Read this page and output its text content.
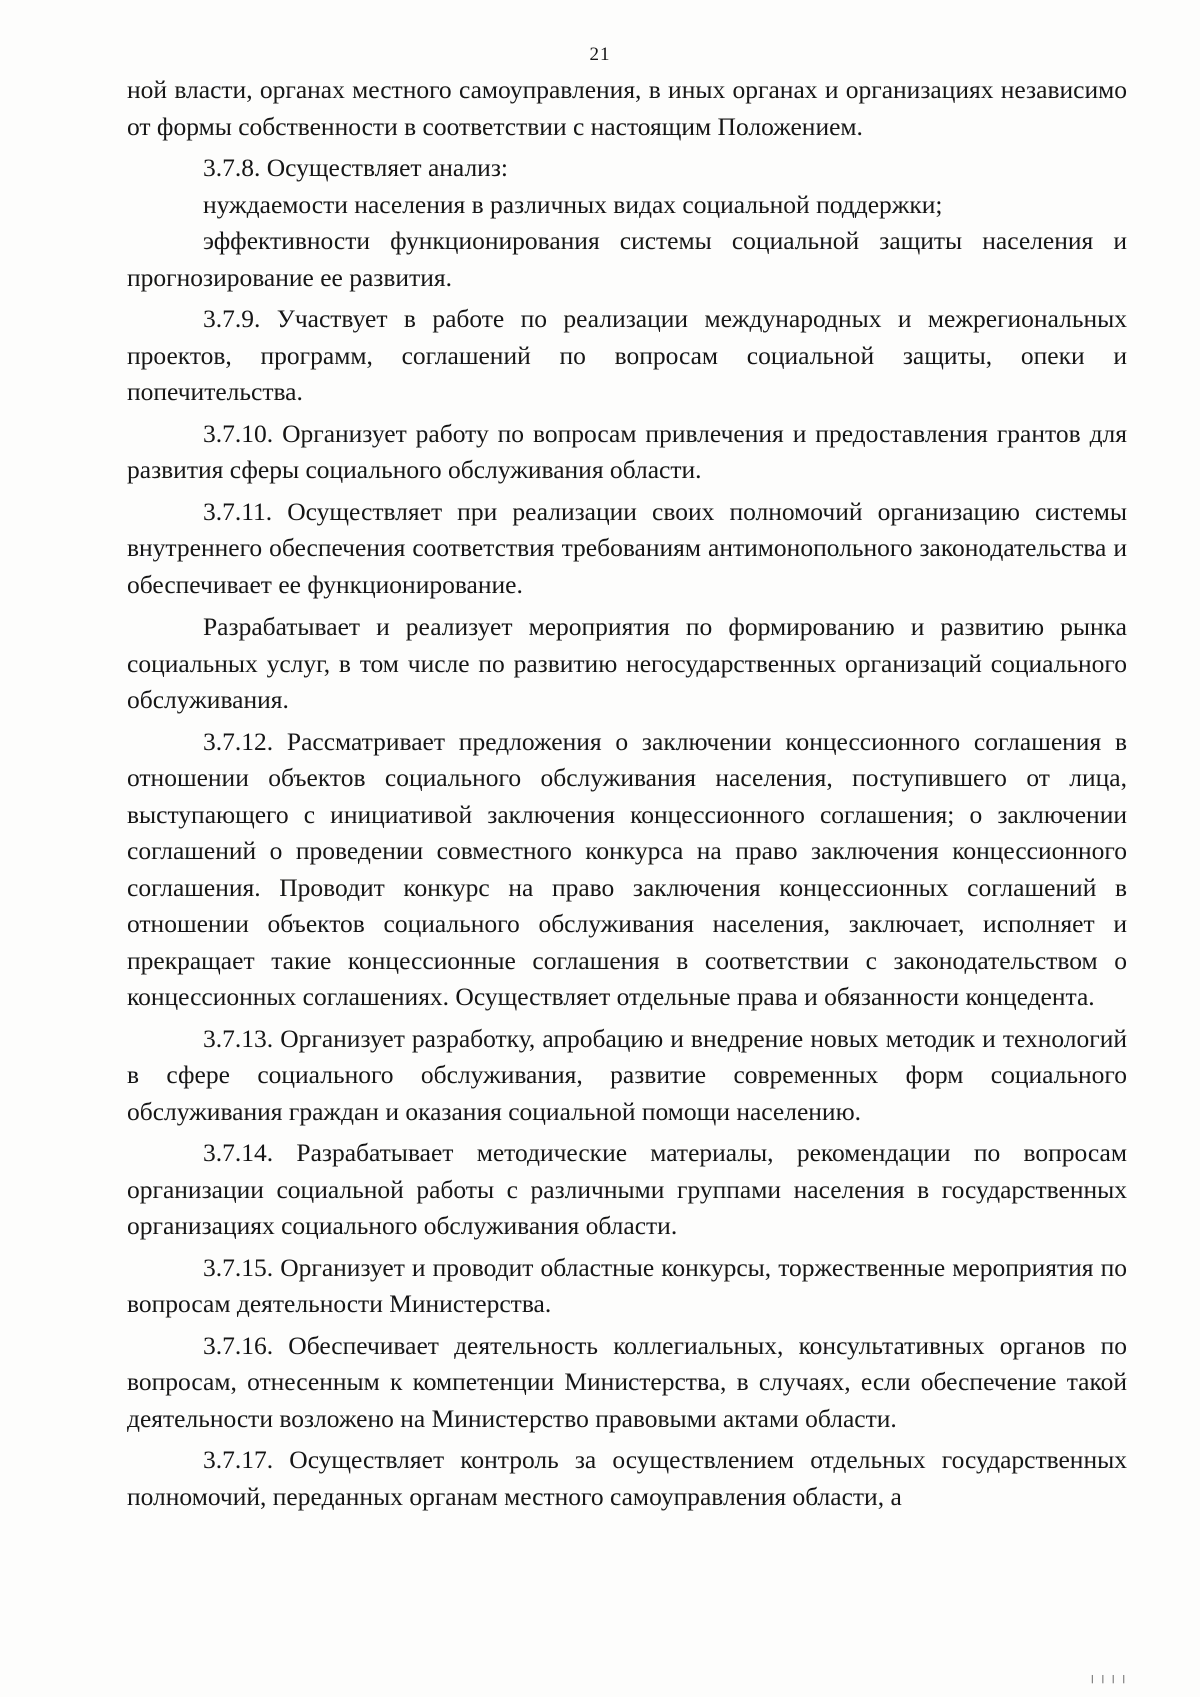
21

ной власти, органах местного самоуправления, в иных органах и организациях независимо от формы собственности в соответствии с настоящим Положением.

3.7.8. Осуществляет анализ:

нуждаемости населения в различных видах социальной поддержки;

эффективности функционирования системы социальной защиты населения и прогнозирование ее развития.

3.7.9. Участвует в работе по реализации международных и межрегиональных проектов, программ, соглашений по вопросам социальной защиты, опеки и попечительства.

3.7.10. Организует работу по вопросам привлечения и предоставления грантов для развития сферы социального обслуживания области.

3.7.11. Осуществляет при реализации своих полномочий организацию системы внутреннего обеспечения соответствия требованиям антимонопольного законодательства и обеспечивает ее функционирование.

Разрабатывает и реализует мероприятия по формированию и развитию рынка социальных услуг, в том числе по развитию негосударственных организаций социального обслуживания.

3.7.12. Рассматривает предложения о заключении концессионного соглашения в отношении объектов социального обслуживания населения, поступившего от лица, выступающего с инициативой заключения концессионного соглашения; о заключении соглашений о проведении совместного конкурса на право заключения концессионного соглашения. Проводит конкурс на право заключения концессионных соглашений в отношении объектов социального обслуживания населения, заключает, исполняет и прекращает такие концессионные соглашения в соответствии с законодательством о концессионных соглашениях. Осуществляет отдельные права и обязанности концедента.

3.7.13. Организует разработку, апробацию и внедрение новых методик и технологий в сфере социального обслуживания, развитие современных форм социального обслуживания граждан и оказания социальной помощи населению.

3.7.14. Разрабатывает методические материалы, рекомендации по вопросам организации социальной работы с различными группами населения в государственных организациях социального обслуживания области.

3.7.15. Организует и проводит областные конкурсы, торжественные мероприятия по вопросам деятельности Министерства.

3.7.16. Обеспечивает деятельность коллегиальных, консультативных органов по вопросам, отнесенным к компетенции Министерства, в случаях, если обеспечение такой деятельности возложено на Министерство правовыми актами области.

3.7.17. Осуществляет контроль за осуществлением отдельных государственных полномочий, переданных органам местного самоуправления области, а

╵╵╵╵
